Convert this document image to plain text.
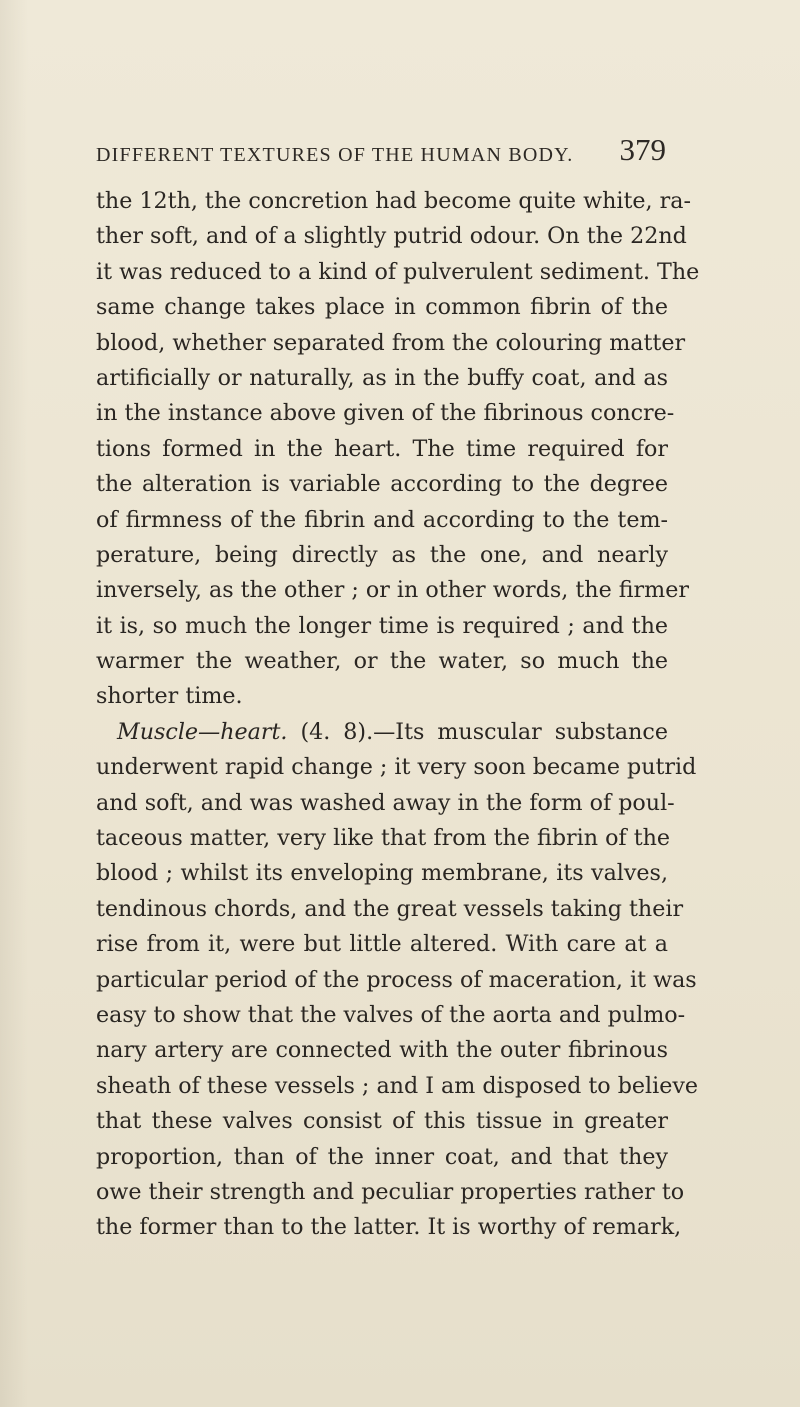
DIFFERENT TEXTURES OF THE HUMAN BODY. 379
the 12th, the concretion had become quite white, ra-
ther soft, and of a slightly putrid odour. On the 22nd
it was reduced to a kind of pulverulent sediment. The
same change takes place in common fibrin of the
blood, whether separated from the colouring matter
artificially or naturally, as in the buffy coat, and as
in the instance above given of the fibrinous concre-
tions formed in the heart. The time required for
the alteration is variable according to the degree
of firmness of the fibrin and according to the tem-
perature, being directly as the one, and nearly
inversely, as the other ; or in other words, the firmer
it is, so much the longer time is required ; and the
warmer the weather, or the water, so much the
shorter time.
Muscle—heart. (4. 8).—Its muscular substance
underwent rapid change ; it very soon became putrid
and soft, and was washed away in the form of poul-
taceous matter, very like that from the fibrin of the
blood ; whilst its enveloping membrane, its valves,
tendinous chords, and the great vessels taking their
rise from it, were but little altered. With care at a
particular period of the process of maceration, it was
easy to show that the valves of the aorta and pulmo-
nary artery are connected with the outer fibrinous
sheath of these vessels ; and I am disposed to believe
that these valves consist of this tissue in greater
proportion, than of the inner coat, and that they
owe their strength and peculiar properties rather to
the former than to the latter. It is worthy of remark,
